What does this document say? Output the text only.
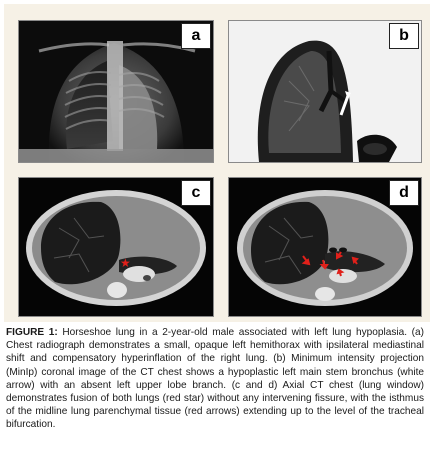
a	b
★
c	d

FIGURE 1: Horseshoe lung in a 2-year-old male associated with left lung hypoplasia. (a) Chest radiograph demonstrates a small, opaque left hemithorax with ipsilateral mediastinal shift and compensatory hyperinflation of the right lung. (b) Minimum intensity projection (MinIp) coronal image of the CT chest shows a hypoplastic left main stem bronchus (white arrow) with an absent left upper lobe branch. (c and d) Axial CT chest (lung window) demonstrates fusion of both lungs (red star) without any intervening fissure, with the isthmus of the midline lung parenchymal tissue (red arrows) extending up to the level of the tracheal bifurcation.
